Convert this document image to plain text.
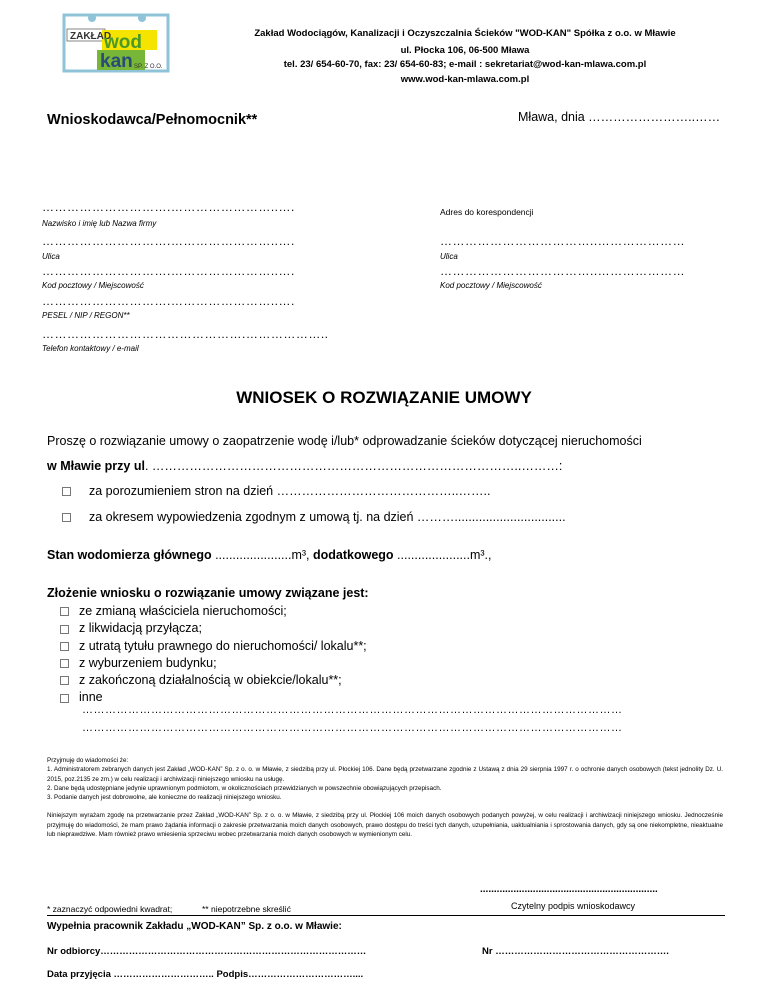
ZAKŁAD
wod
kan SP. Z O.O.
Zakład Wodociągów, Kanalizacji i Oczyszczalnia Ścieków "WOD-KAN" Spółka z o.o. w Mławie
ul. Płocka 106, 06-500 Mława
tel. 23/ 654-60-70, fax: 23/ 654-60-83; e-mail : sekretariat@wod-kan-mlawa.com.pl
www.wod-kan-mlawa.com.pl
Wnioskodawca/Pełnomocnik**	Mława, dnia ……………………..……
………………………….……………………..….
Nazwisko i imię lub Nazwa firmy
Adres do korespondencji
………………………….……………………..….
Ulica
………………………………..…………………
Ulica
………………………….……………………..….
Kod pocztowy / Miejscowość
………………………………..…………………
Kod pocztowy / Miejscowość
………………………….……………………..….
PESEL / NIP / REGON**
………………………………………….………………..
Telefon kontaktowy / e-mail
WNIOSEK O ROZWIĄZANIE UMOWY
Proszę o rozwiązanie umowy o zaopatrzenie wodę i/lub* odprowadzanie ścieków dotyczącej nieruchomości
w Mławie przy ul. ……………………………………………………………………………..………:
za porozumieniem stron na dzień ……………………………………..……..
za okresem wypowiedzenia zgodnym z umową tj. na dzień ………................................
Stan wodomierza głównego ......................m³, dodatkowego .....................m³.,
Złożenie wniosku o rozwiązanie umowy związane jest:
ze zmianą właściciela nieruchomości;
z likwidacją przyłącza;
z utratą tytułu prawnego do nieruchomości/ lokalu**;
z wyburzeniem budynku;
z zakończoną działalnością w obiekcie/lokalu**;
inne
……………………………………………………………………………………………………………………………
……………………………………………………………………………………………………………………………
Przyjmuję do wiadomości że:
1. Administratorem zebranych danych jest Zakład „WOD-KAN” Sp. z o. o. w Mławie, z siedzibą przy ul. Płockiej 106. Dane będą przetwarzane zgodnie z Ustawą z dnia 29 sierpnia 1997 r. o ochronie danych osobowych (tekst jednolity Dz. U. 2015, poz.2135 ze zm.) w celu realizacji i archiwizacji niniejszego wniosku na usługę.
2. Dane będą udostępniane jedynie uprawnionym podmiotom, w okolicznościach przewidzianych w powszechnie obowiązujących przepisach.
3. Podanie danych jest dobrowolne, ale konieczne do realizacji niniejszego wniosku.
Niniejszym wyrażam zgodę na przetwarzanie przez Zakład „WOD-KAN” Sp. z o. o. w Mławie, z siedzibą przy ul. Płockiej 106 moich danych osobowych podanych powyżej, w celu realizacji i archiwizacji niniejszego wniosku. Jednocześnie przyjmuję do wiadomości, że mam prawo żądania informacji o zakresie przetwarzania moich danych osobowych, prawo dostępu do treści tych danych, uzupełniania, uaktualniania i sprostowania danych, gdy są one niekompletne, nieaktualne lub nieprawdziwe. Mam również prawo wniesienia sprzeciwu wobec przetwarzania moich danych osobowych w wymienionym celu.
................................................................
Czytelny podpis wnioskodawcy
* zaznaczyć odpowiedni kwadrat;	** niepotrzebne skreślić
Wypełnia pracownik Zakładu „WOD-KAN” Sp. z o.o. w Mławie:
Nr odbiorcy…………………………………………………………………………	Nr ……………………………………………….
Data przyjęcia ………………………….. Podpis……………………………....
